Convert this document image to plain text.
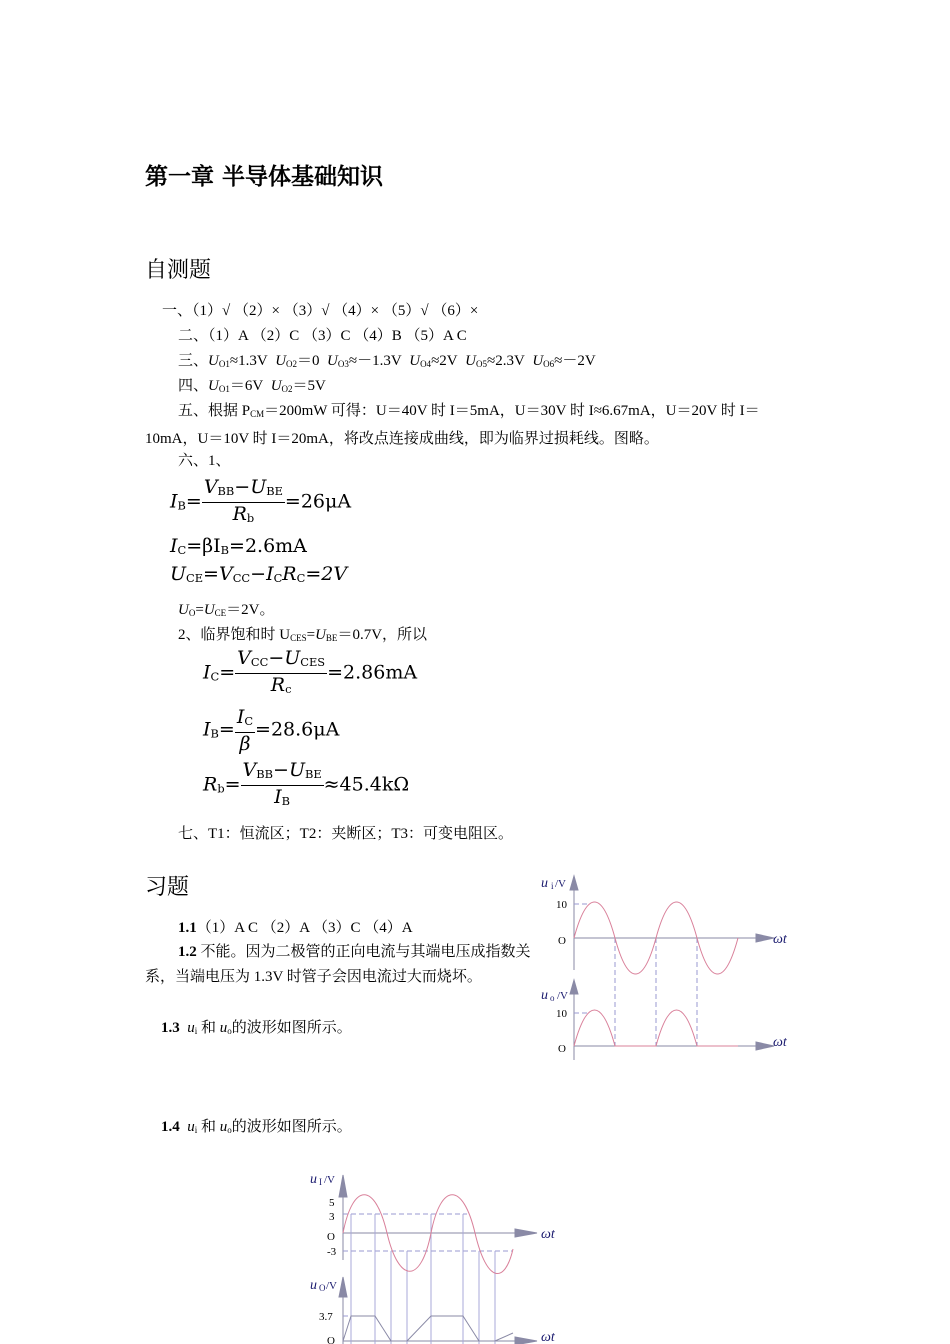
第一章 半导体基础知识
自测题
一、（1）√ （2）× （3）√ （4）× （5）√ （6）×
二、（1）A （2）C （3）C （4）B （5）A C
三、$U_{O1}\approx 1.3V$ $U_{O2}=0$ $U_{O3}\approx-1.3V$ $U_{O4}\approx 2V$ $U_{O5}\approx 2.3V$ $U_{O6}\approx-2V$
四、$U_{O1}=6V$ $U_{O2}=5V$
五、根据 $P_{CM}=200mW$ 可得：U＝40V 时 I＝5mA，U＝30V 时 I≈6.67mA，U＝20V 时 I＝10mA，U＝10V 时 I＝20mA，将改点连接成曲线，即为临界过损耗线。图略。
六、1、
$I_B= \frac{V_{BB}-U_{BE}}{R_b} =26\mu A$
$I_C=\beta I_B=2.6mA$
$U_{CE}=V_{CC}-I_CR_C=2V$
$U_O=U_{CE}=2V$。
2、临界饱和时 $U_{CES}=U_{BE}=0.7V$，所以
$I_C= \frac{V_{CC}-U_{CES}}{R_c} =2.86mA$
$I_B= \frac{I_C}{\beta} =28.6\mu A$
$R_b= \frac{V_{BB}-U_{BE}}{I_B} \approx 45.4k\Omega$
七、T1：恒流区；T2：夹断区；T3：可变电阻区。
习题
1.1（1）A C （2）A （3）C （4）A
1.2 不能。因为二极管的正向电流与其端电压成指数关系，当端电压为 1.3V 时管子会因电流过大而烧坏。
1.3 $u_i$ 和 $u_o$的波形如图所示。
1.4 $u_i$ 和 $u_o$的波形如图所示。
u i /V
10
O	ωt
u o /V
10
O	ωt
u I /V
5
3
O
-3
ωt
u O /V
3.7
O	ωt
